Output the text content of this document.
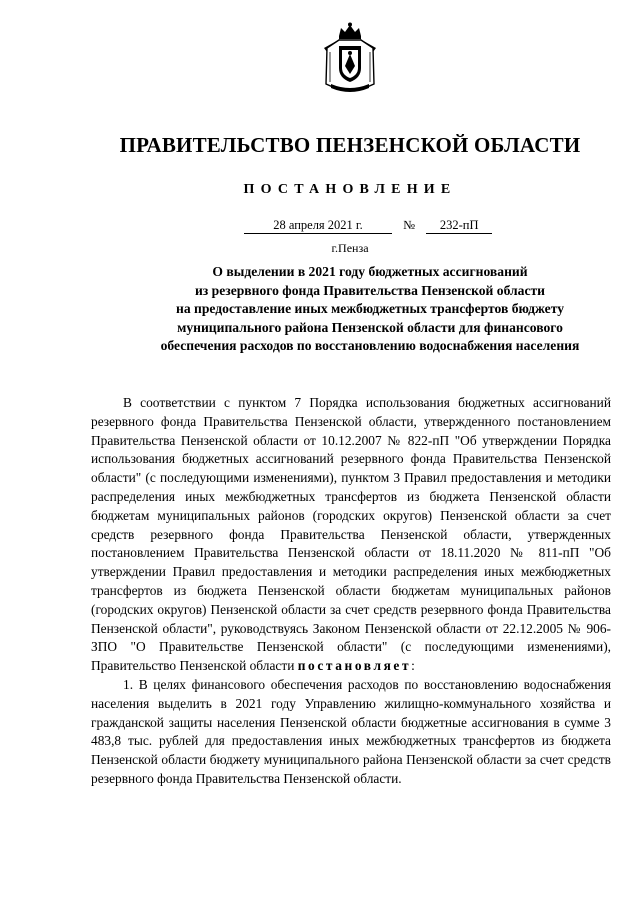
ПРАВИТЕЛЬСТВО ПЕНЗЕНСКОЙ ОБЛАСТИ
ПОСТАНОВЛЕНИЕ
28 апреля 2021 г.	№ 232-пП
г.Пенза
О выделении в 2021 году бюджетных ассигнований
из резервного фонда Правительства Пензенской области
на предоставление иных межбюджетных трансфертов бюджету
муниципального района Пензенской области для финансового
обеспечения расходов по восстановлению водоснабжения населения

В соответствии с пунктом 7 Порядка использования бюджетных ассигнований резервного фонда Правительства Пензенской области, утвержденного постановлением Правительства Пензенской области от 10.12.2007 № 822-пП "Об утверждении Порядка использования бюджетных ассигнований резервного фонда Правительства Пензенской области" (с последующими изменениями), пунктом 3 Правил предоставления и методики распределения иных межбюджетных трансфертов из бюджета Пензенской области бюджетам муниципальных районов (городских округов) Пензенской области за счет средств резервного фонда Правительства Пензенской области, утвержденных постановлением Правительства Пензенской области от 18.11.2020 № 811-пП "Об утверждении Правил предоставления и методики распределения иных межбюджетных трансфертов из бюджета Пензенской области бюджетам муниципальных районов (городских округов) Пензенской области за счет средств резервного фонда Правительства Пензенской области", руководствуясь Законом Пензенской области от 22.12.2005 № 906-ЗПО "О Правительстве Пензенской области" (с последующими изменениями), Правительство Пензенской области постановляет:

1. В целях финансового обеспечения расходов по восстановлению водоснабжения населения выделить в 2021 году Управлению жилищно-коммунального хозяйства и гражданской защиты населения Пензенской области бюджетные ассигнования в сумме 3 483,8 тыс. рублей для предоставления иных межбюджетных трансфертов из бюджета Пензенской области бюджету муниципального района Пензенской области за счет средств резервного фонда Правительства Пензенской области.
